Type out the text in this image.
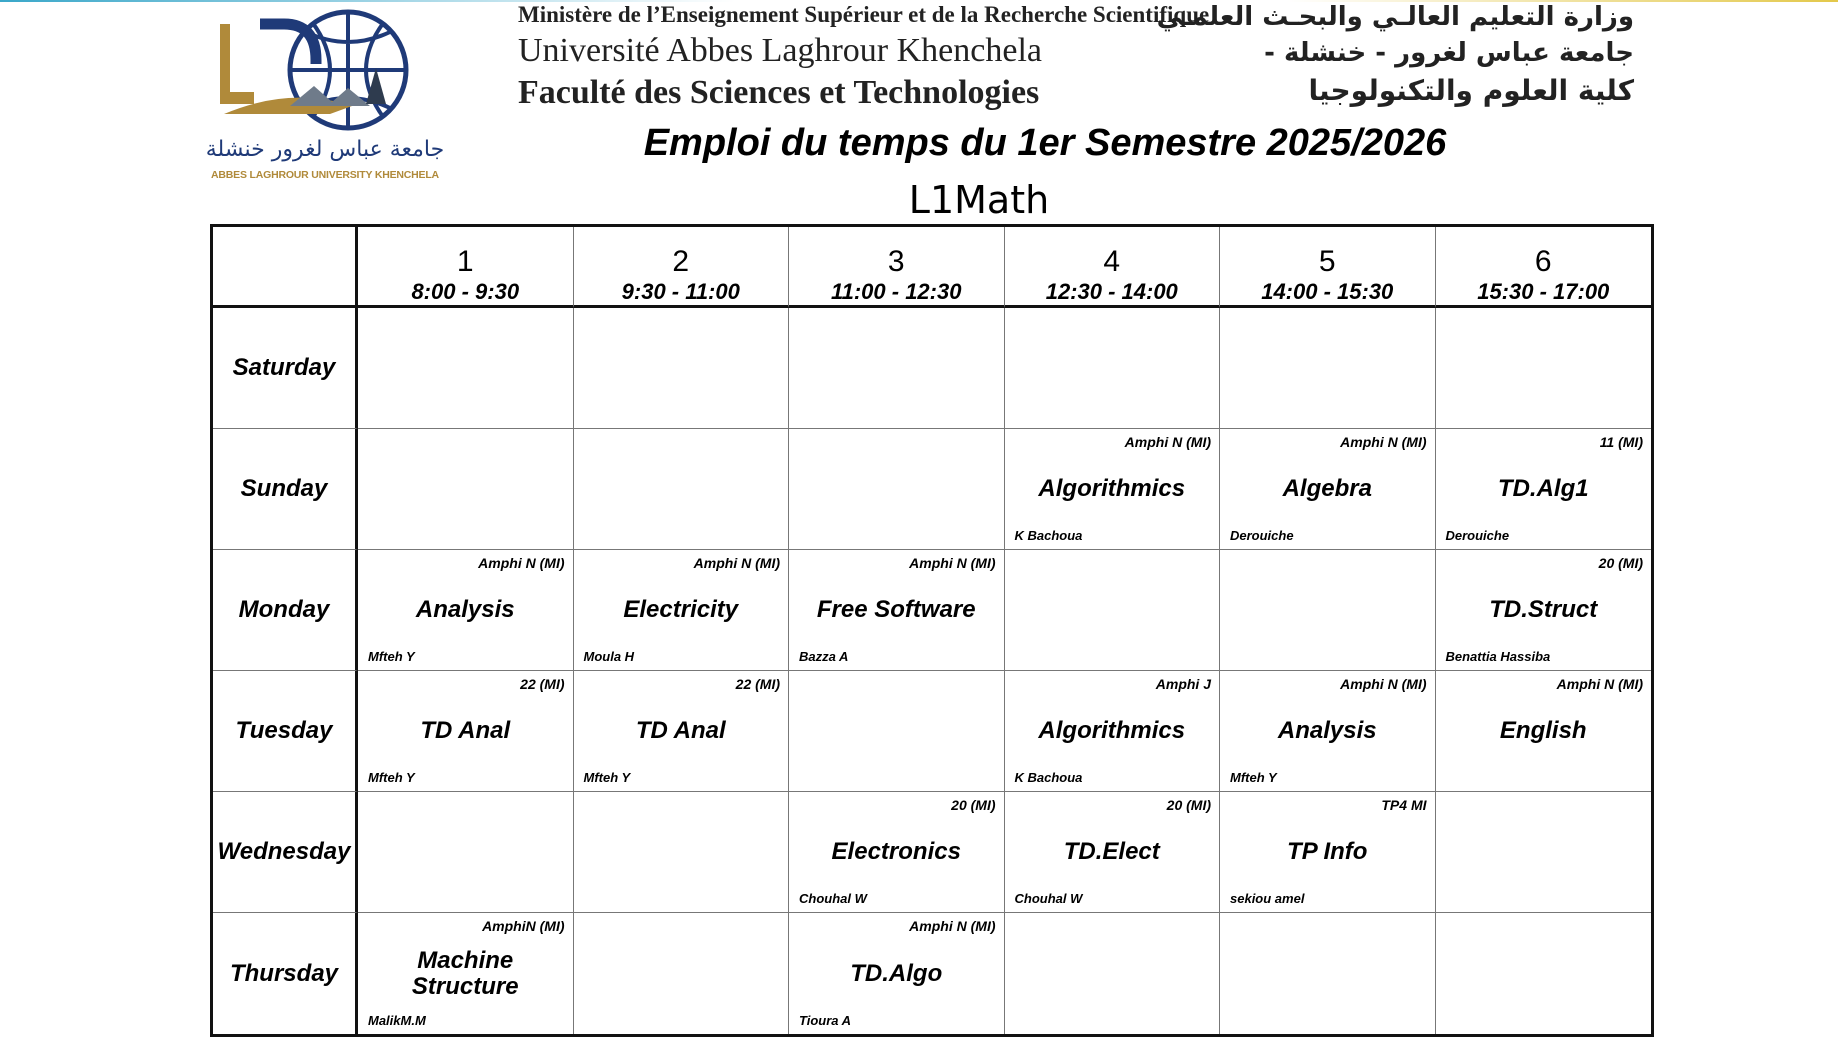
جامعة عباس لغرور خنشلة
ABBES LAGHROUR UNIVERSITY KHENCHELA
Ministère de l’Enseignement Supérieur et de la Recherche Scientifique
Université Abbes Laghrour Khenchela
Faculté des Sciences et Technologies
وزارة التعليم العالـي والبحـث العلمـي
جامعة عباس لغرور - خنشلة -
كلية العلوم والتكنولوجيا
Emploi du temps du 1er Semestre 2025/2026
L1Math
1
8:00 - 9:30
2
9:30 - 11:00
3
11:00 - 12:30
4
12:30 - 14:00
5
14:00 - 15:30
6
15:30 - 17:00
Saturday
Sunday
Amphi N (MI)
Algorithmics
K Bachoua
Amphi N (MI)
Algebra
Derouiche
11 (MI)
TD.Alg1
Derouiche
Monday
Amphi N (MI)
Analysis
Mfteh Y
Amphi N (MI)
Electricity
Moula H
Amphi N (MI)
Free Software
Bazza A
20 (MI)
TD.Struct
Benattia Hassiba
Tuesday
22 (MI)
TD Anal
Mfteh Y
22 (MI)
TD Anal
Mfteh Y
Amphi J
Algorithmics
K Bachoua
Amphi N (MI)
Analysis
Mfteh Y
Amphi N (MI)
English
Wednesday
20 (MI)
Electronics
Chouhal W
20 (MI)
TD.Elect
Chouhal W
TP4 MI
TP Info
sekiou amel
Thursday
AmphiN (MI)
Machine Structure
MalikM.M
Amphi N (MI)
TD.Algo
Tioura A
